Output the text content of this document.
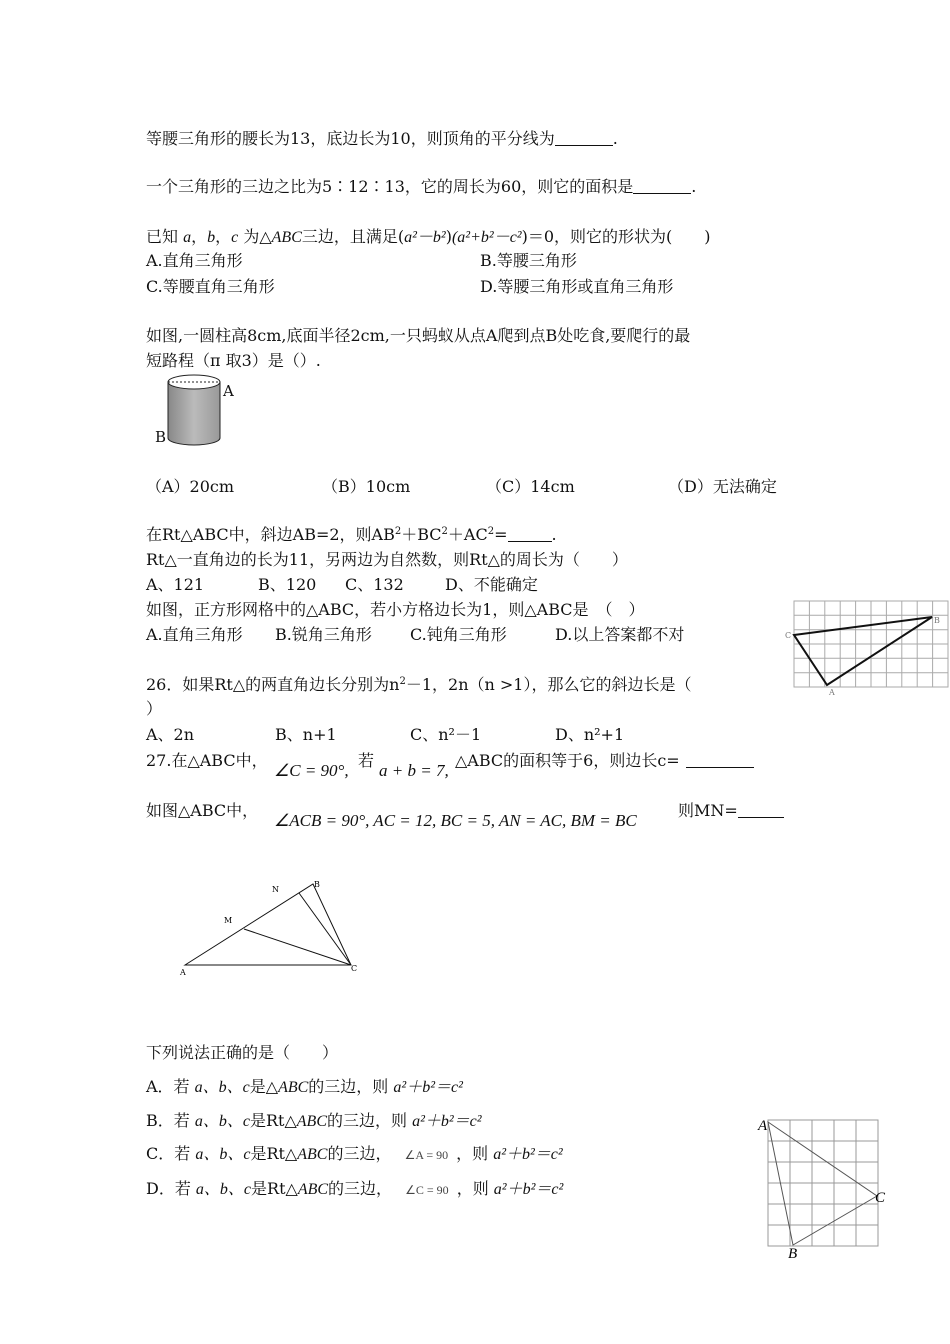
等腰三角形的腰长为13，底边长为10，则顶角的平分线为	.
一个三角形的三边之比为5∶12∶13，它的周长为60，则它的面积是	.
已知 a，b，c 为△ABC三边，且满足(a²－b²)(a²+b²－c²)＝0，则它的形状为(　　)
A.直角三角形	B.等腰三角形
C.等腰直角三角形	D.等腰三角形或直角三角形
如图,一圆柱高8cm,底面半径2cm,一只蚂蚁从点A爬到点B处吃食,要爬行的最
短路程（π 取3）是（）.
A
B
（A）20cm	（B）10cm	（C）14cm	（D）无法确定
在Rt△ABC中，斜边AB=2，则$AB^2+BC^2+AC^2=$	.
Rt△一直角边的长为11，另两边为自然数，则Rt△的周长为（　　）
A、121	B、120 C、132	D、不能确定
如图，正方形网格中的△ABC，若小方格边长为1，则△ABC是　（　）
A.直角三角形 B.锐角三角形 C.钝角三角形	D.以上答案都不对	C
B
A
26．如果Rt△的两直角边长分别为$n^2-1$，2n（n >1），那么它的斜边长是（
）
A、2n	B、n+1	C、n²－1	D、n²+1
27.在△ABC中，
∠C = 90°,
若
a + b = 7,
△ABC的面积等于6，则边长c=
如图△ABC中，
∠ACB = 90°, AC = 12, BC = 5, AN = AC, BM = BC
则MN=
A
B
C
M
N
下列说法正确的是（　　）
A．若 a、b、c是△ABC的三边，则 a²＋b²＝c²
B．若 a、b、c是Rt△ABC的三边，则 a²＋b²＝c²
C．若 a、b、c是Rt△ABC的三边， ∠A = 90 ，则 a²＋b²＝c²
D．若 a、b、c是Rt△ABC的三边， ∠C = 90 ，则 a²＋b²＝c²
A
C
B
